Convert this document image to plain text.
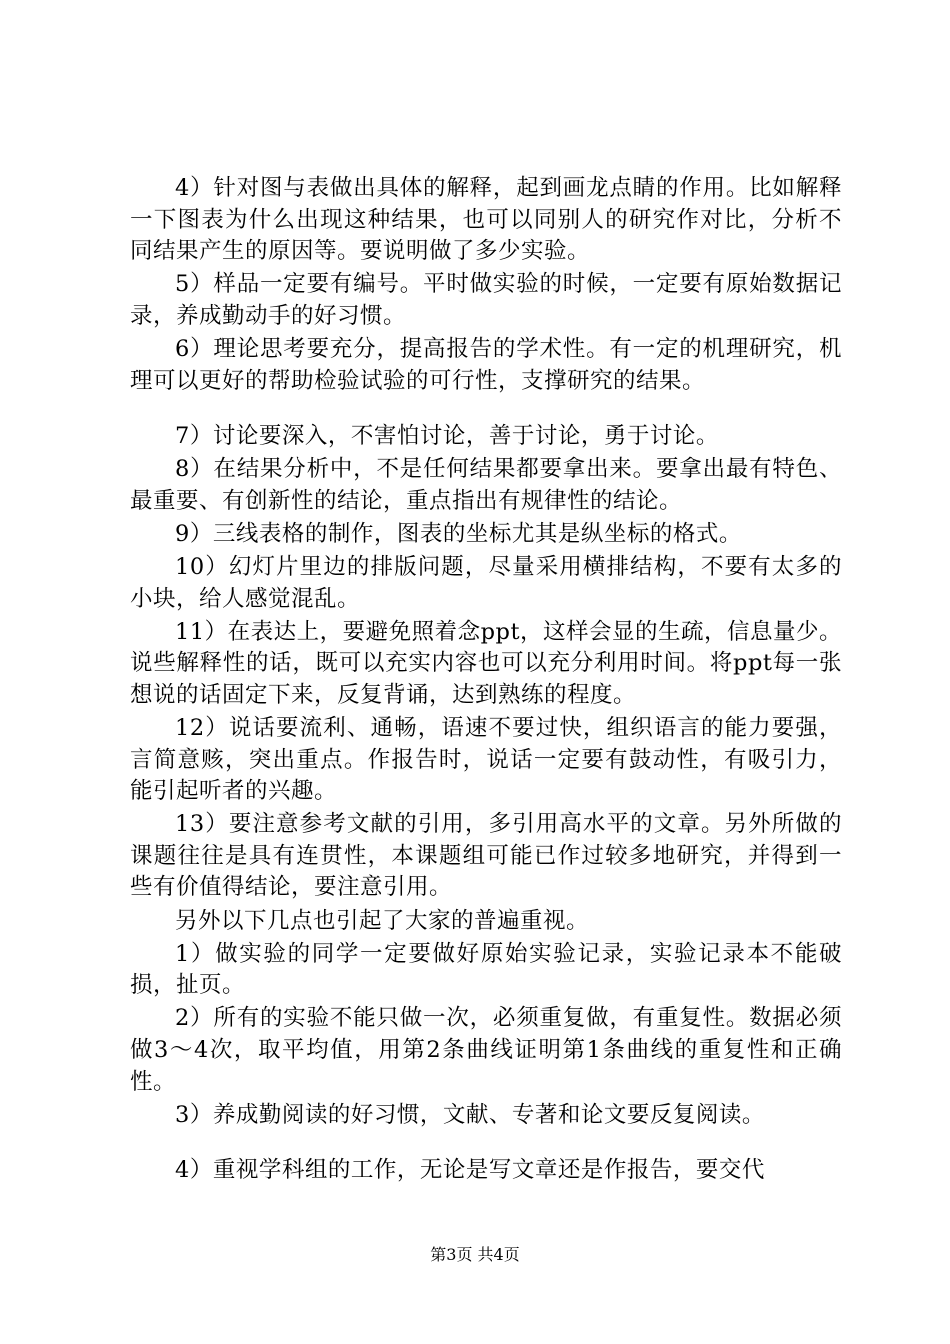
4）针对图与表做出具体的解释，起到画龙点睛的作用。比如解释一下图表为什么出现这种结果，也可以同别人的研究作对比，分析不同结果产生的原因等。要说明做了多少实验。

5）样品一定要有编号。平时做实验的时候，一定要有原始数据记录，养成勤动手的好习惯。

6）理论思考要充分，提高报告的学术性。有一定的机理研究，机理可以更好的帮助检验试验的可行性，支撑研究的结果。

7）讨论要深入，不害怕讨论，善于讨论，勇于讨论。

8）在结果分析中，不是任何结果都要拿出来。要拿出最有特色、最重要、有创新性的结论，重点指出有规律性的结论。

9）三线表格的制作，图表的坐标尤其是纵坐标的格式。

10）幻灯片里边的排版问题，尽量采用横排结构，不要有太多的小块，给人感觉混乱。

11）在表达上，要避免照着念ppt，这样会显的生疏，信息量少。说些解释性的话，既可以充实内容也可以充分利用时间。将ppt每一张想说的话固定下来，反复背诵，达到熟练的程度。

12）说话要流利、通畅，语速不要过快，组织语言的能力要强，言简意赅，突出重点。作报告时，说话一定要有鼓动性，有吸引力，能引起听者的兴趣。

13）要注意参考文献的引用，多引用高水平的文章。另外所做的课题往往是具有连贯性，本课题组可能已作过较多地研究，并得到一些有价值得结论，要注意引用。

另外以下几点也引起了大家的普遍重视。

1）做实验的同学一定要做好原始实验记录，实验记录本不能破损，扯页。

2）所有的实验不能只做一次，必须重复做，有重复性。数据必须做3～4次，取平均值，用第2条曲线证明第1条曲线的重复性和正确性。

3）养成勤阅读的好习惯，文献、专著和论文要反复阅读。

4）重视学科组的工作，无论是写文章还是作报告，要交代

第3页 共4页
